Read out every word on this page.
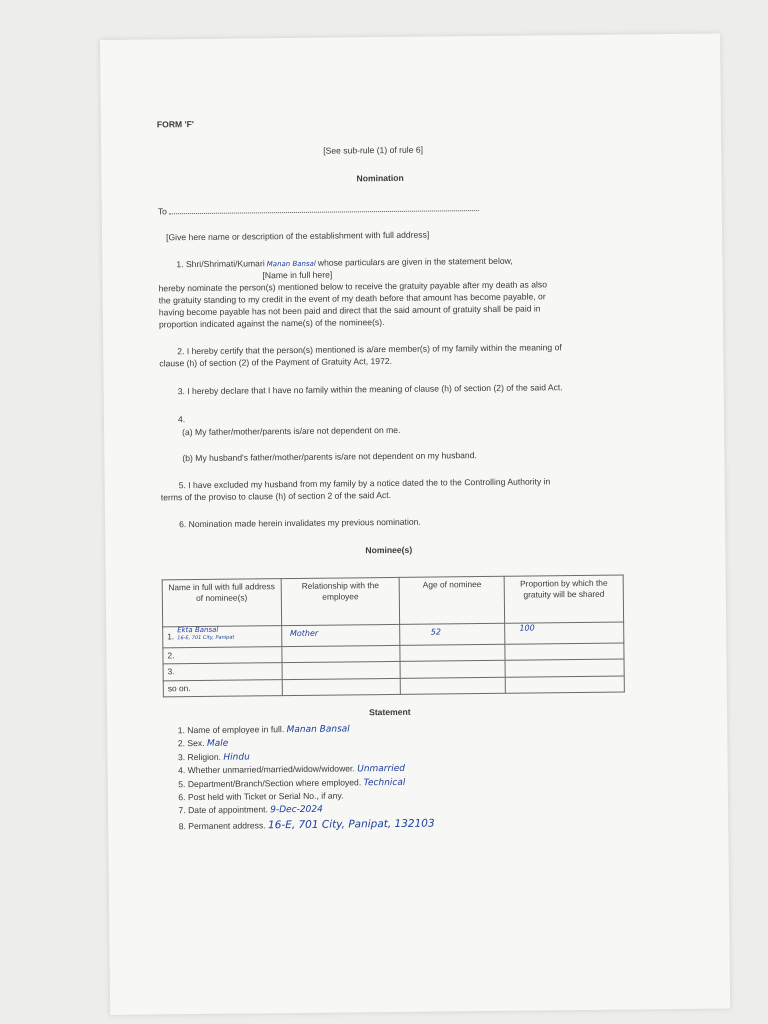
FORM 'F'
[See sub-rule (1) of rule 6]
Nomination
To
[Give here name or description of the establishment with full address]
1. Shri/Shrimati/Kumari Manan Bansal whose particulars are given in the statement below,
[Name in full here]
hereby nominate the person(s) mentioned below to receive the gratuity payable after my death as also
the gratuity standing to my credit in the event of my death before that amount has become payable, or
having become payable has not been paid and direct that the said amount of gratuity shall be paid in
proportion indicated against the name(s) of the nominee(s).
2. I hereby certify that the person(s) mentioned is a/are member(s) of my family within the meaning of
clause (h) of section (2) of the Payment of Gratuity Act, 1972.
3. I hereby declare that I have no family within the meaning of clause (h) of section (2) of the said Act.
4.
(a) My father/mother/parents is/are not dependent on me.
(b) My husband's father/mother/parents is/are not dependent on my husband.
5. I have excluded my husband from my family by a notice dated the to the Controlling Authority in
terms of the proviso to clause (h) of section 2 of the said Act.
6. Nomination made herein invalidates my previous nomination.
Nominee(s)
Name in full with full address of nominee(s)	Relationship with the employee	Age of nominee	Proportion by which the gratuity will be shared
1.
Ekta Bansal
16-E, 701 City, Panipat	Mother	52	100

2.			
3.			
so on.			
Statement
1. Name of employee in full. Manan Bansal
2. Sex. Male
3. Religion. Hindu
4. Whether unmarried/married/widow/widower. Unmarried
5. Department/Branch/Section where employed. Technical
6. Post held with Ticket or Serial No., if any.
7. Date of appointment. 9-Dec-2024
8. Permanent address. 16-E, 701 City, Panipat, 132103
